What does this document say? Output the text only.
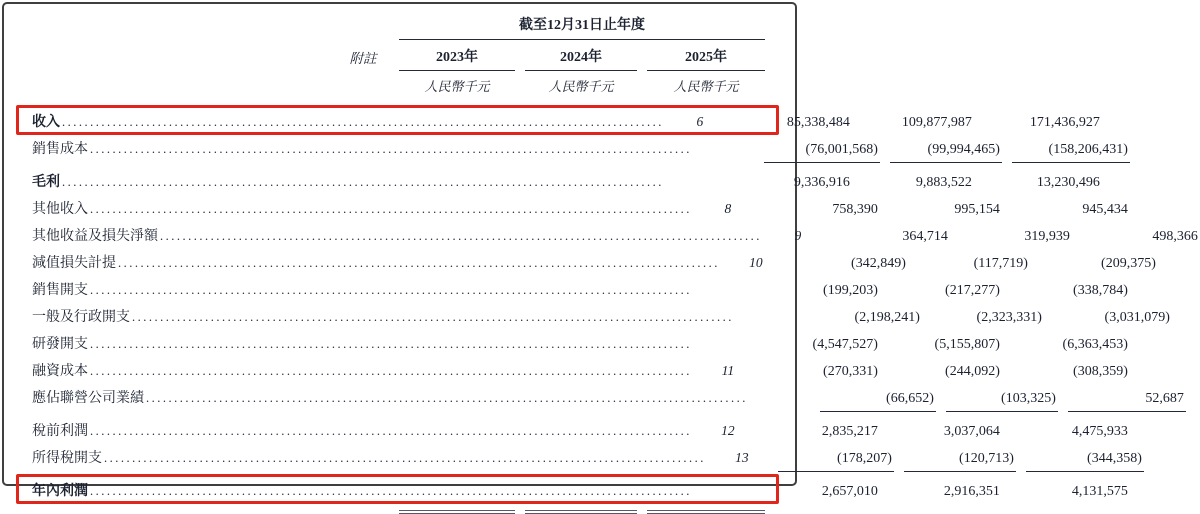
截至12月31日止年度
附註	2023年	2024年	2025年
人民幣千元	人民幣千元	人民幣千元
收入 .....	6	85,338,484	109,877,987	171,436,927
銷售成本 .....	(76,001,568)	(99,994,465)	(158,206,431)
毛利 .....	9,336,916	9,883,522	13,230,496
其他收入 .....	8	758,390	995,154	945,434
其他收益及損失淨額 .....	9	364,714	319,939	498,366
減值損失計提 .....	10	(342,849)	(117,719)	(209,375)
銷售開支 .....	(199,203)	(217,277)	(338,784)
一般及行政開支 .....	(2,198,241)	(2,323,331)	(3,031,079)
研發開支 .....	(4,547,527)	(5,155,807)	(6,363,453)
融資成本 .....	11	(270,331)	(244,092)	(308,359)
應佔聯營公司業績 .....	(66,652)	(103,325)	52,687
稅前利潤 .....	12	2,835,217	3,037,064	4,475,933
所得稅開支 .....	13	(178,207)	(120,713)	(344,358)
年內利潤 .....	2,657,010	2,916,351	4,131,575
